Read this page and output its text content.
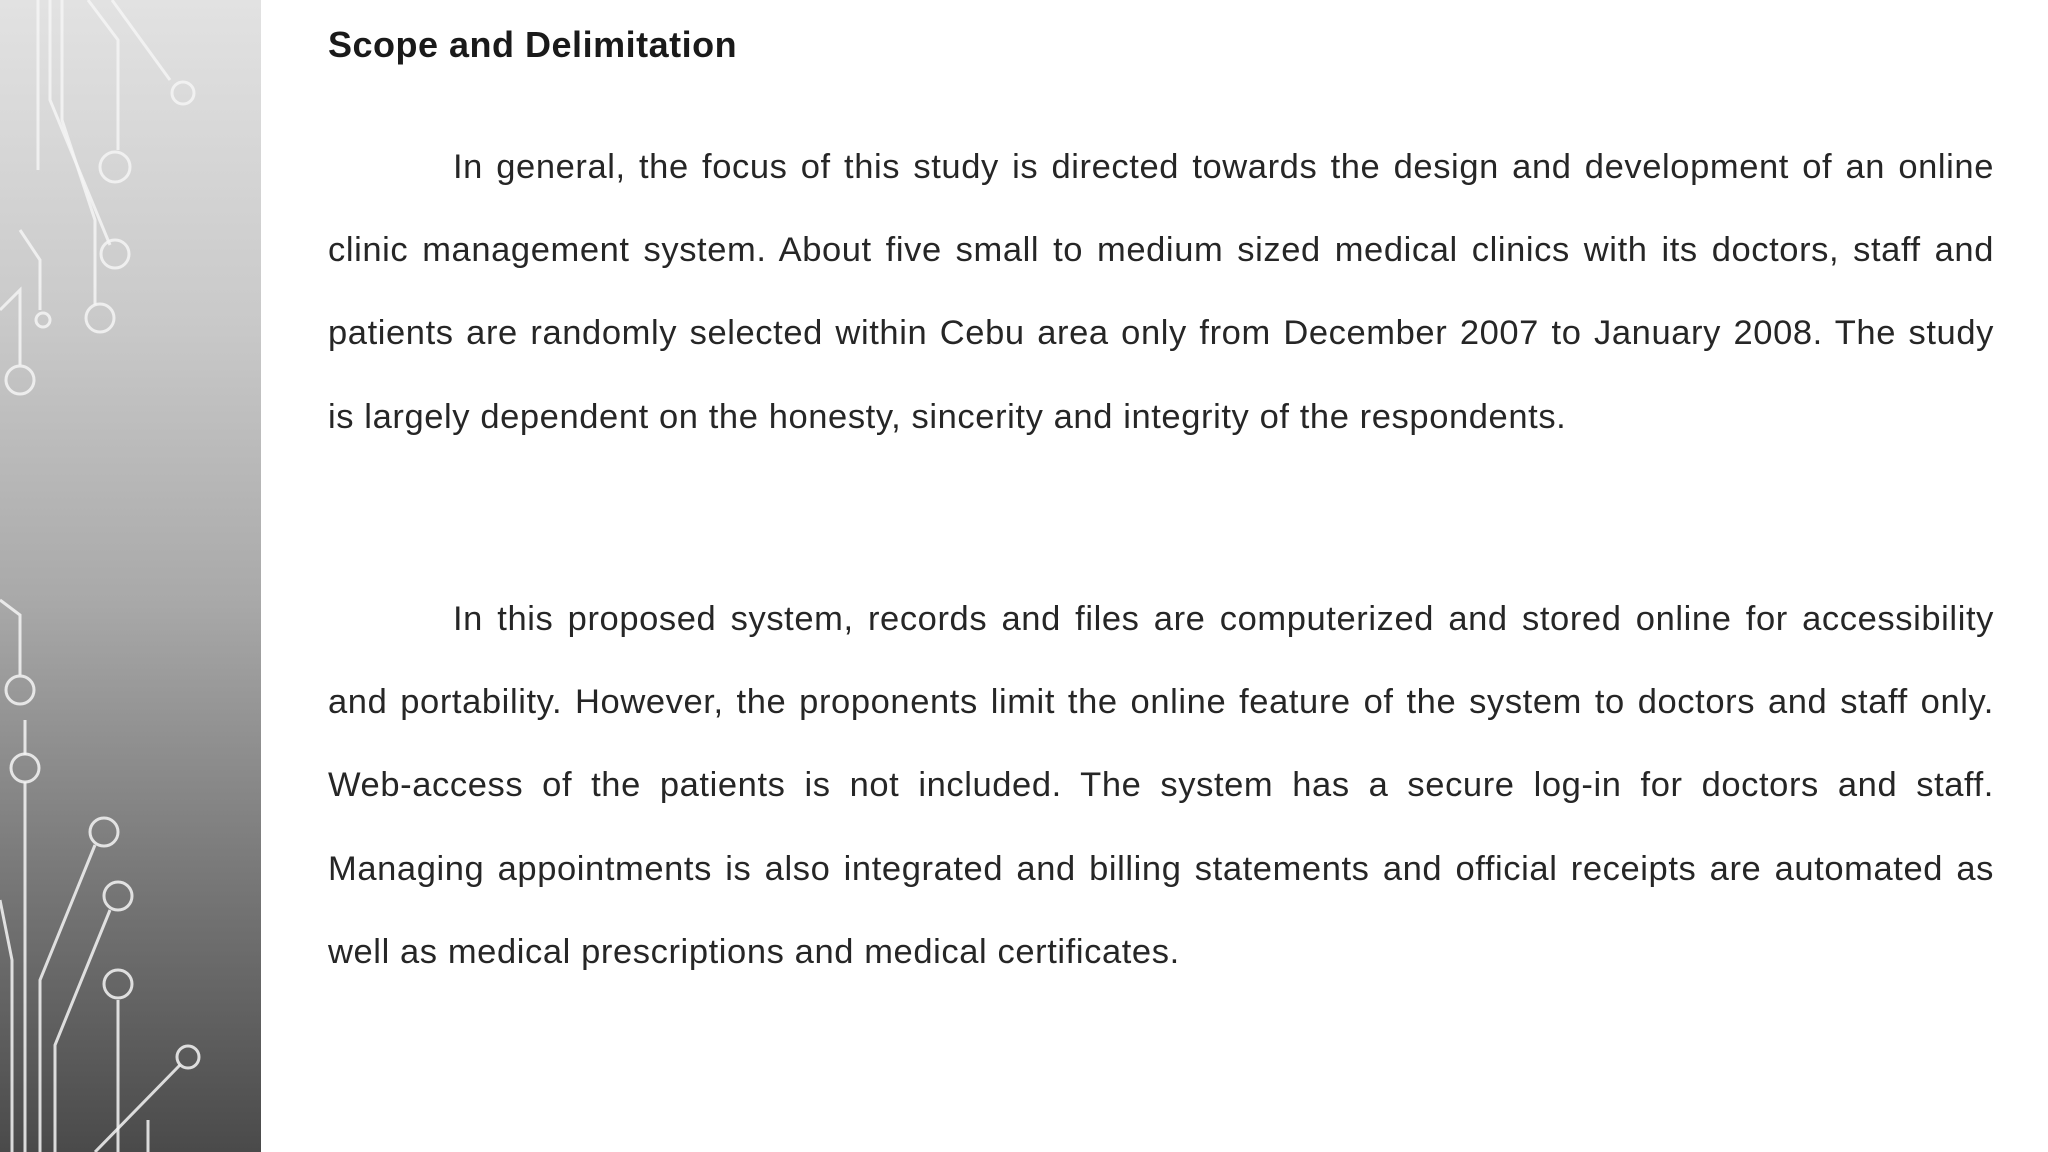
Scope and Delimitation

In general, the focus of this study is directed towards the design and development of an online clinic management system. About five small to medium sized medical clinics with its doctors, staff and patients are randomly selected within Cebu area only from December 2007 to January 2008. The study is largely dependent on the honesty, sincerity and integrity of the respondents.

In this proposed system, records and files are computerized and stored online for accessibility and portability. However, the proponents limit the online feature of the system to doctors and staff only. Web-access of the patients is not included. The system has a secure log-in for doctors and staff. Managing appointments is also integrated and billing statements and official receipts are automated as well as medical prescriptions and medical certificates.
